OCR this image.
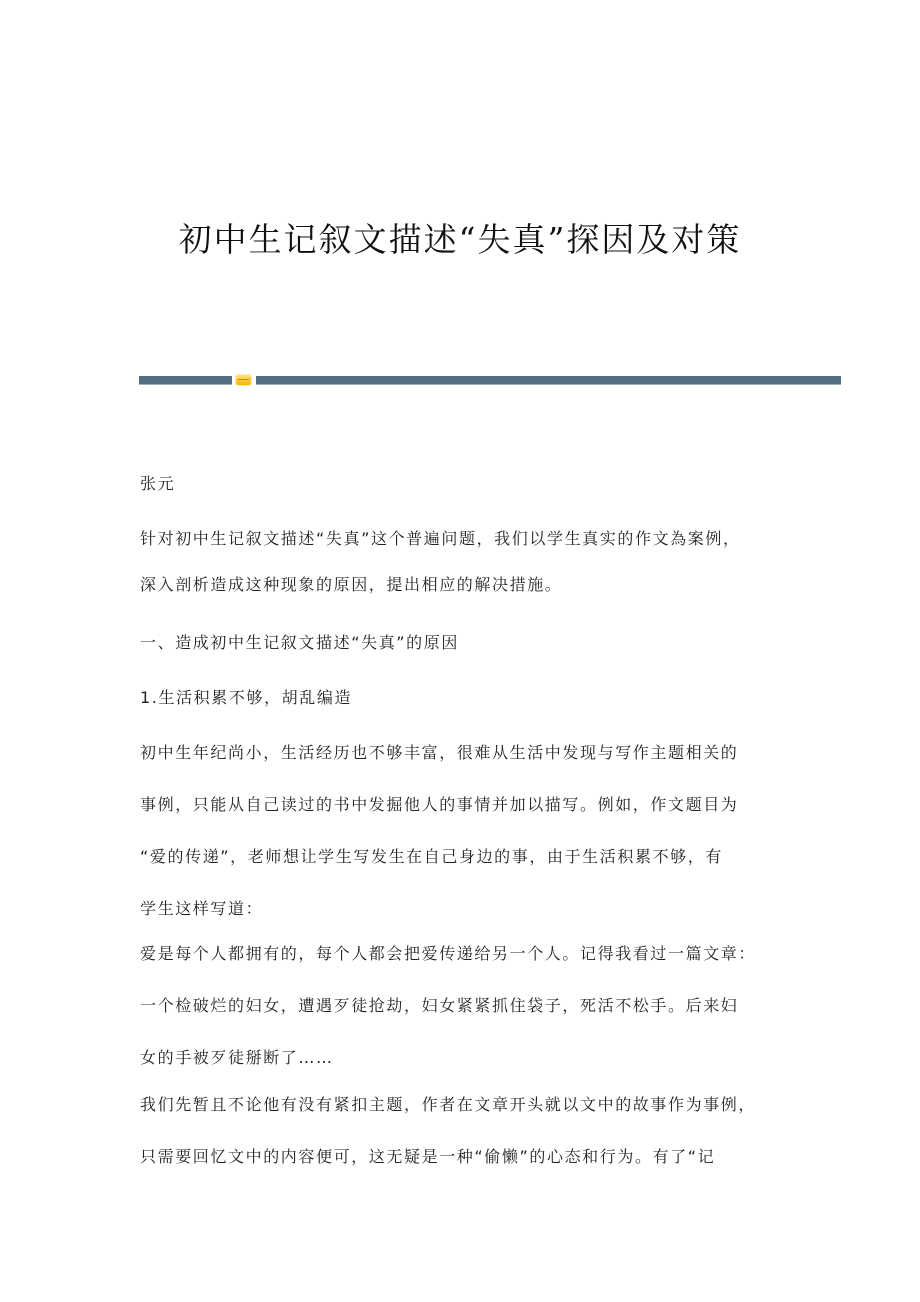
初中生记叙文描述“失真”探因及对策
张元
针对初中生记叙文描述“失真”这个普遍问题，我们以学生真实的作文為案例，
深入剖析造成这种现象的原因，提出相应的解决措施。
一、造成初中生记叙文描述“失真”的原因
1.生活积累不够，胡乱编造
初中生年纪尚小，生活经历也不够丰富，很难从生活中发现与写作主题相关的
事例，只能从自己读过的书中发掘他人的事情并加以描写。例如，作文题目为
“爱的传递”，老师想让学生写发生在自己身边的事，由于生活积累不够，有
学生这样写道：
爱是每个人都拥有的，每个人都会把爱传递给另一个人。记得我看过一篇文章：
一个检破烂的妇女，遭遇歹徒抢劫，妇女紧紧抓住袋子，死活不松手。后来妇
女的手被歹徒掰断了……
我们先暂且不论他有没有紧扣主题，作者在文章开头就以文中的故事作为事例，
只需要回忆文中的内容便可，这无疑是一种“偷懒”的心态和行为。有了“记
